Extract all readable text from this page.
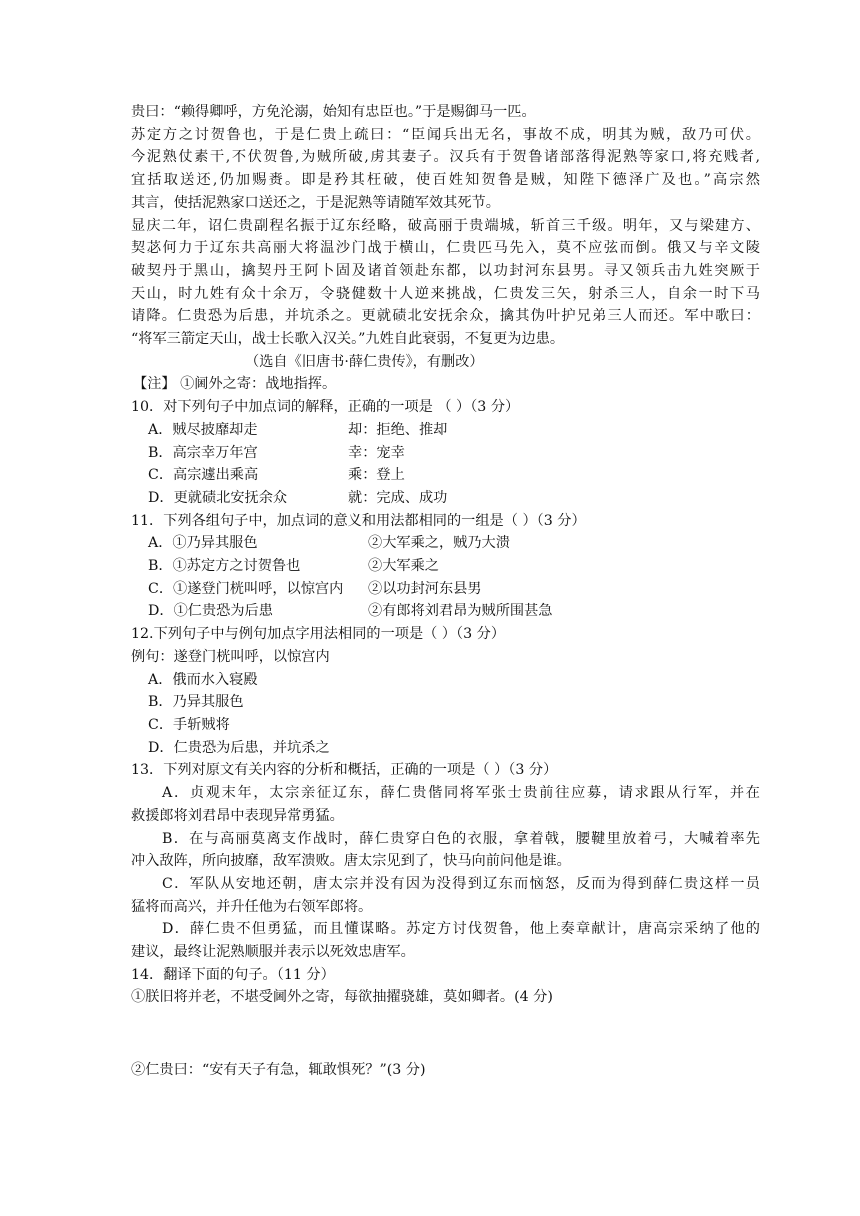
贵曰：“赖得卿呼，方免沦溺，始知有忠臣也。”于是赐御马一匹。
苏定方之讨贺鲁也，于是仁贵上疏曰：“臣闻兵出无名，事故不成，明其为贼，敌乃可伏。
今泥熟仗素干,不伏贺鲁,为贼所破,虏其妻子。汉兵有于贺鲁诸部落得泥熟等家口,将充贱者,
宜括取送还,仍加赐赉。即是矜其枉破，使百姓知贺鲁是贼，知陛下德泽广及也。”高宗然
其言，使括泥熟家口送还之，于是泥熟等请随军效其死节。
显庆二年，诏仁贵副程名振于辽东经略，破高丽于贵端城，斩首三千级。明年，又与梁建方、
契苾何力于辽东共高丽大将温沙门战于横山，仁贵匹马先入，莫不应弦而倒。俄又与辛文陵
破契丹于黑山，擒契丹王阿卜固及诸首领赴东都，以功封河东县男。寻又领兵击九姓突厥于
天山，时九姓有众十余万，令骁健数十人逆来挑战，仁贵发三矢，射杀三人，自余一时下马
请降。仁贵恐为后患，并坑杀之。更就碛北安抚余众，擒其伪叶护兄弟三人而还。军中歌曰：
“将军三箭定天山，战士长歌入汉关。”九姓自此衰弱，不复更为边患。
（选自《旧唐书·薛仁贵传》，有删改）
【注】 ①阃外之寄：战地指挥。
10．对下列句子中加点词的解释，正确的一项是 （ ）（3 分）
A．贼尽披靡却走	却：拒绝、推却
B．高宗幸万年宫	幸：宠幸
C．高宗遽出乘高	乘：登上
D．更就碛北安抚余众	就：完成、成功
11．下列各组句子中，加点词的意义和用法都相同的一组是（ ）（3 分）
A．①乃异其服色	②大军乘之，贼乃大溃
B．①苏定方之讨贺鲁也	②大军乘之
C．①遂登门桄叫呼，以惊宫内	②以功封河东县男
D．①仁贵恐为后患	②有郎将刘君昂为贼所围甚急
12.下列句子中与例句加点字用法相同的一项是（ ）（3 分）
例句：遂登门桄叫呼，以惊宫内
A．俄而水入寝殿
B．乃异其服色
C．手斩贼将
D．仁贵恐为后患，并坑杀之
13．下列对原文有关内容的分析和概括，正确的一项是（ ）（3 分）
A．贞观末年，太宗亲征辽东，薛仁贵偕同将军张士贵前往应募，请求跟从行军，并在
救援郎将刘君昂中表现异常勇猛。
B．在与高丽莫离支作战时，薛仁贵穿白色的衣服，拿着戟，腰鞬里放着弓，大喊着率先
冲入敌阵，所向披靡，敌军溃败。唐太宗见到了，快马向前问他是谁。
C．军队从安地还朝，唐太宗并没有因为没得到辽东而恼怒，反而为得到薛仁贵这样一员
猛将而高兴，并升任他为右领军郎将。
D．薛仁贵不但勇猛，而且懂谋略。苏定方讨伐贺鲁，他上奏章献计，唐高宗采纳了他的
建议，最终让泥熟顺服并表示以死效忠唐军。
14．翻译下面的句子。（11 分）
①朕旧将并老，不堪受阃外之寄，每欲抽擢骁雄，莫如卿者。(4 分)
②仁贵曰：“安有天子有急，辄敢惧死？”(3 分)
